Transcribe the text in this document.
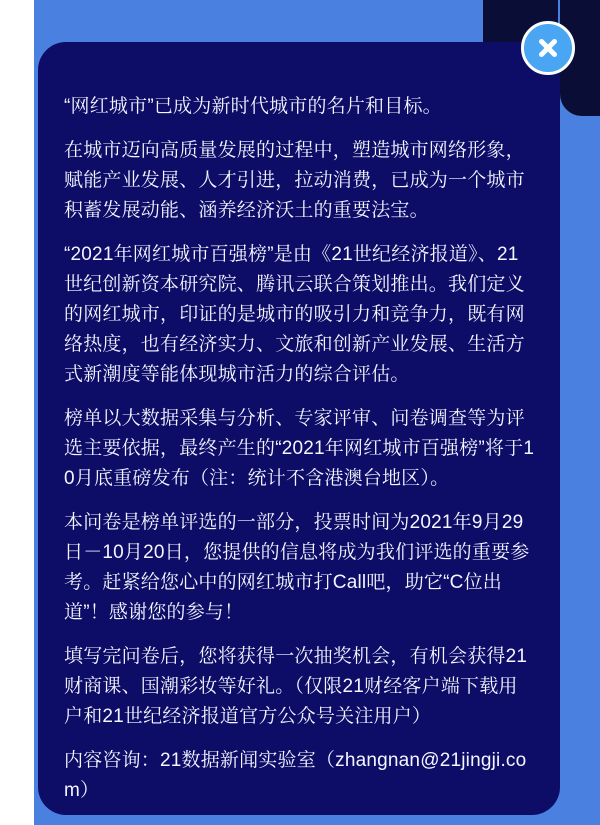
“网红城市”已成为新时代城市的名片和目标。

在城市迈向高质量发展的过程中，塑造城市网络形象，赋能产业发展、人才引进，拉动消费，已成为一个城市积蓄发展动能、涵养经济沃土的重要法宝。

“2021年网红城市百强榜”是由《21世纪经济报道》、21世纪创新资本研究院、腾讯云联合策划推出。我们定义的网红城市，印证的是城市的吸引力和竞争力，既有网络热度，也有经济实力、文旅和创新产业发展、生活方式新潮度等能体现城市活力的综合评估。

榜单以大数据采集与分析、专家评审、问卷调查等为评选主要依据，最终产生的“2021年网红城市百强榜”将于10月底重磅发布（注：统计不含港澳台地区）。

本问卷是榜单评选的一部分，投票时间为2021年9月29日－10月20日，您提供的信息将成为我们评选的重要参考。赶紧给您心中的网红城市打Call吧，助它“C位出道”！感谢您的参与！

填写完问卷后，您将获得一次抽奖机会，有机会获得21财商课、国潮彩妆等好礼。（仅限21财经客户端下载用户和21世纪经济报道官方公众号关注用户）

内容咨询：21数据新闻实验室（zhangnan@21jingji.com）
